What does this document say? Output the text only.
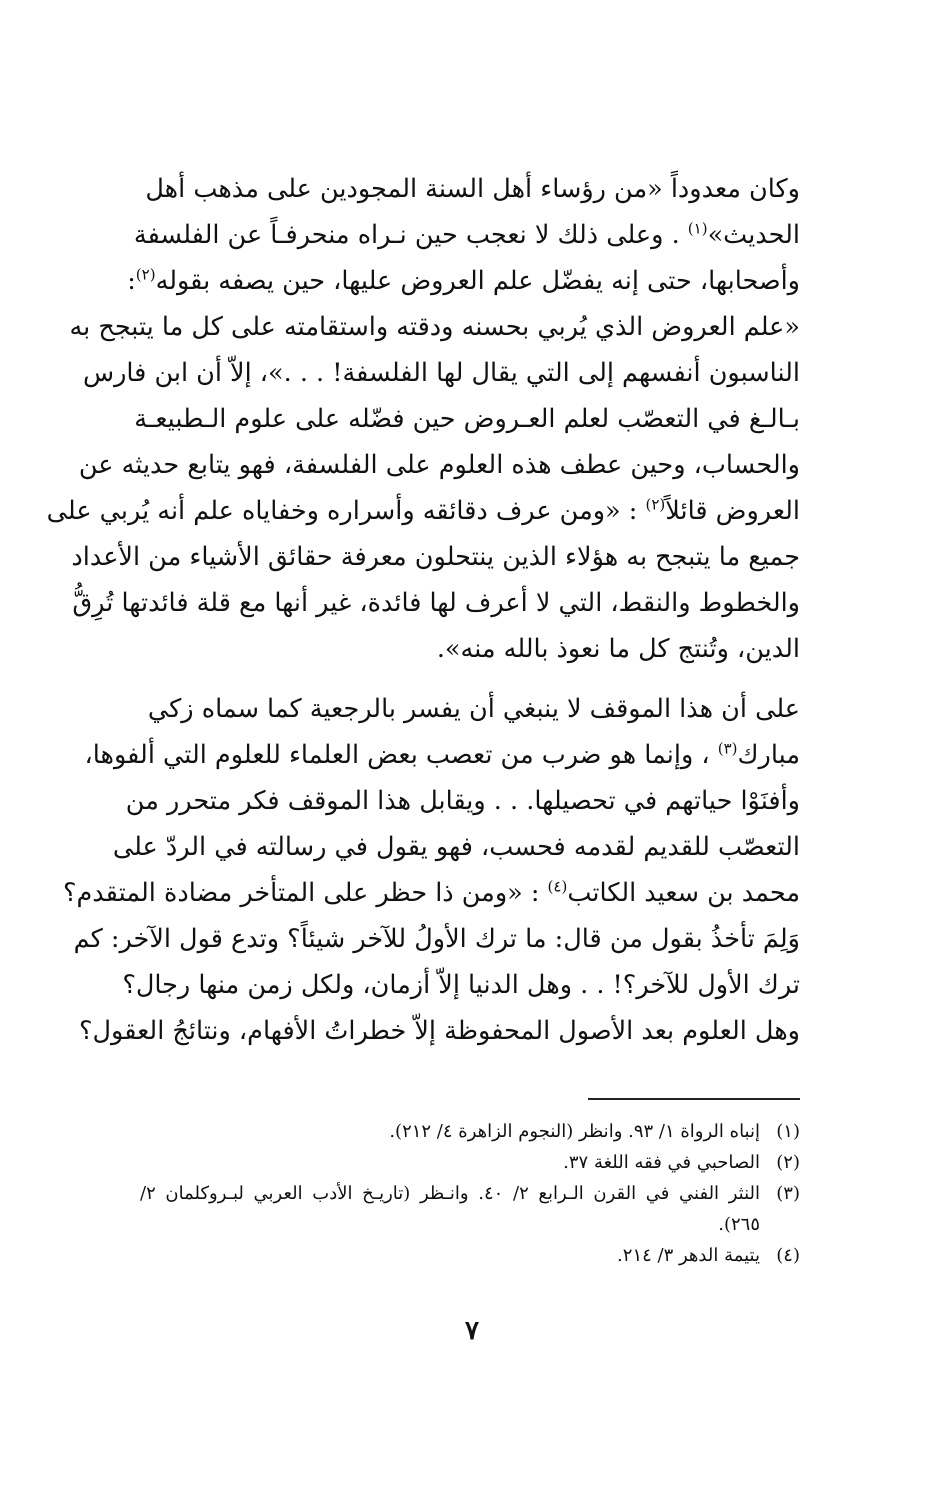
وكان معدوداً «من رؤساء أهل السنة المجودين على مذهب أهل
الحديث»$^{(١)}$ . وعلى ذلك لا نعجب حين نـراه منحرفـاً عن الفلسفة
وأصحابها، حتى إنه يفضّل علم العروض عليها، حين يصفه بقوله$^{(٢)}$:
«علم العروض الذي يُربي بحسنه ودقته واستقامته على كل ما يتبجح به
الناسبون أنفسهم إلى التي يقال لها الفلسفة! . . .»، إلاّ أن ابن فارس
بـالـغ في التعصّب لعلم العـروض حين فضّله على علوم الـطبيعـة
والحساب، وحين عطف هذه العلوم على الفلسفة، فهو يتابع حديثه عن
العروض قائلاً$^{(٢)}$ : «ومن عرف دقائقه وأسراره وخفاياه علم أنه يُربي على
جميع ما يتبجح به هؤلاء الذين ينتحلون معرفة حقائق الأشياء من الأعداد
والخطوط والنقط، التي لا أعرف لها فائدة، غير أنها مع قلة فائدتها تُرِقُّ
الدين، وتُنتج كل ما نعوذ بالله منه».
على أن هذا الموقف لا ينبغي أن يفسر بالرجعية كما سماه زكي
مبارك$^{(٣)}$ ، وإنما هو ضرب من تعصب بعض العلماء للعلوم التي ألفوها،
وأفنَوْا حياتهم في تحصيلها. . . ويقابل هذا الموقف فكر متحرر من
التعصّب للقديم لقدمه فحسب، فهو يقول في رسالته في الردّ على
محمد بن سعيد الكاتب$^{(٤)}$ : «ومن ذا حظر على المتأخر مضادة المتقدم؟
وَلِمَ تأخذُ بقول من قال: ما ترك الأولُ للآخر شيئاً؟ وتدع قول الآخر: كم
ترك الأول للآخر؟! . . وهل الدنيا إلاّ أزمان، ولكل زمن منها رجال؟
وهل العلوم بعد الأصول المحفوظة إلاّ خطراتُ الأفهام، ونتائجُ العقول؟
(١)
إنباه الرواة ١/ ٩٣. وانظر (النجوم الزاهرة ٤/ ٢١٢).
(٢)
الصاحبي في فقه اللغة ٣٧.
(٣)
النثر الفني في القرن الـرابع ٢/ ٤٠. وانـظر (تاريـخ الأدب العربي لبـروكلمان ٢/ ٢٦٥).
(٤)
يتيمة الدهر ٣/ ٢١٤.
٧
